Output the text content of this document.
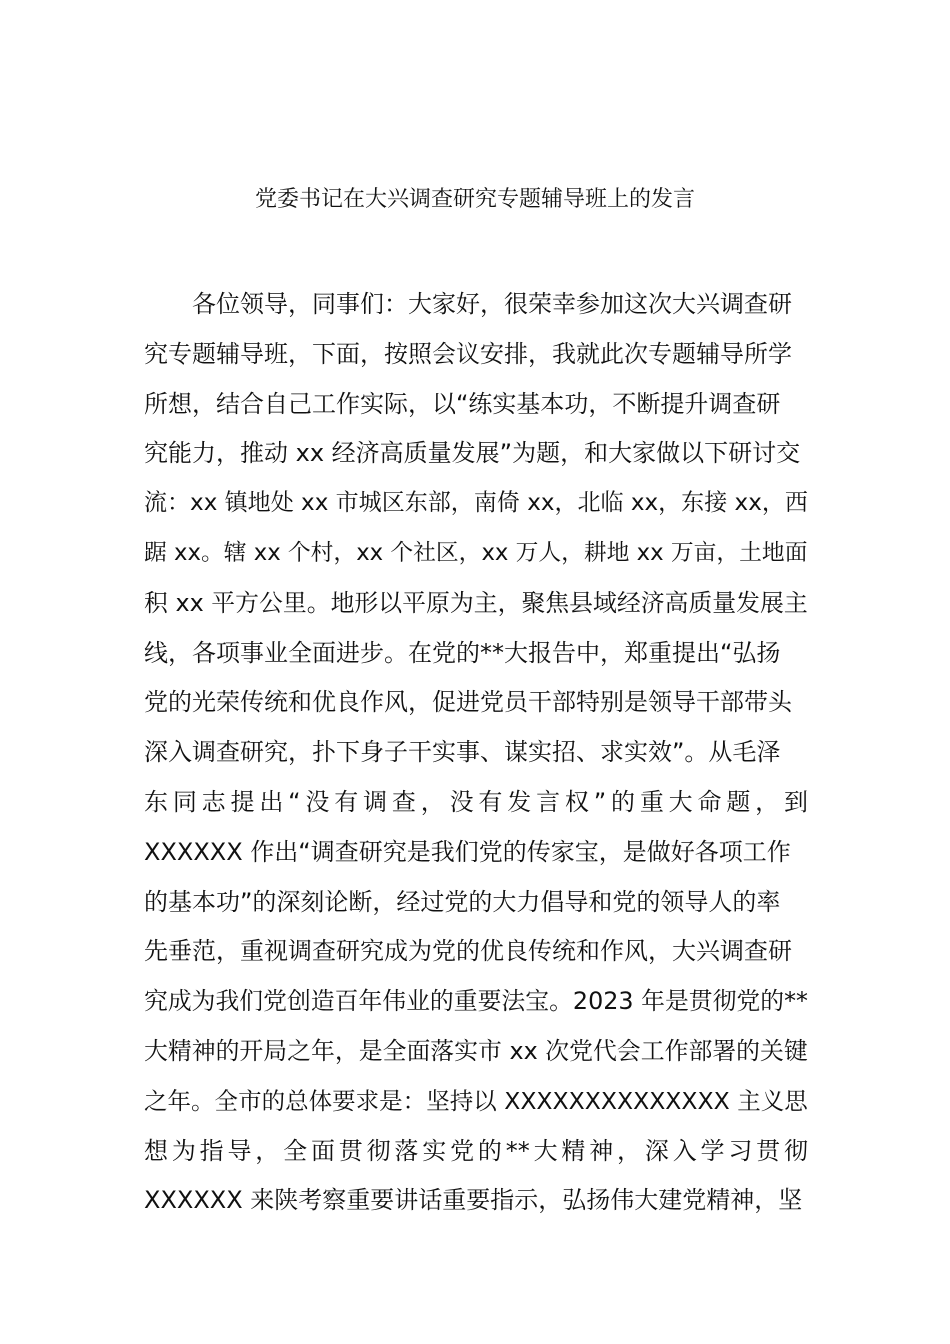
党委书记在大兴调查研究专题辅导班上的发言
各位领导，同事们：大家好，很荣幸参加这次大兴调查研
究专题辅导班，下面，按照会议安排，我就此次专题辅导所学
所想，结合自己工作实际，以“练实基本功，不断提升调查研
究能力，推动 xx 经济高质量发展”为题，和大家做以下研讨交
流：xx 镇地处 xx 市城区东部，南倚 xx，北临 xx，东接 xx，西
踞 xx。辖 xx 个村，xx 个社区，xx 万人，耕地 xx 万亩，土地面
积 xx 平方公里。地形以平原为主，聚焦县域经济高质量发展主
线，各项事业全面进步。在党的**大报告中，郑重提出“弘扬
党的光荣传统和优良作风，促进党员干部特别是领导干部带头
深入调查研究，扑下身子干实事、谋实招、求实效”。从毛泽
东同志提出“没有调查，没有发言权”的重大命题，到
XXXXXX 作出“调查研究是我们党的传家宝，是做好各项工作
的基本功”的深刻论断，经过党的大力倡导和党的领导人的率
先垂范，重视调查研究成为党的优良传统和作风，大兴调查研
究成为我们党创造百年伟业的重要法宝。2023 年是贯彻党的**
大精神的开局之年，是全面落实市 xx 次党代会工作部署的关键
之年。全市的总体要求是：坚持以 XXXXXXXXXXXXXX 主义思
想为指导，全面贯彻落实党的**大精神，深入学习贯彻
XXXXXX 来陕考察重要讲话重要指示，弘扬伟大建党精神，坚
